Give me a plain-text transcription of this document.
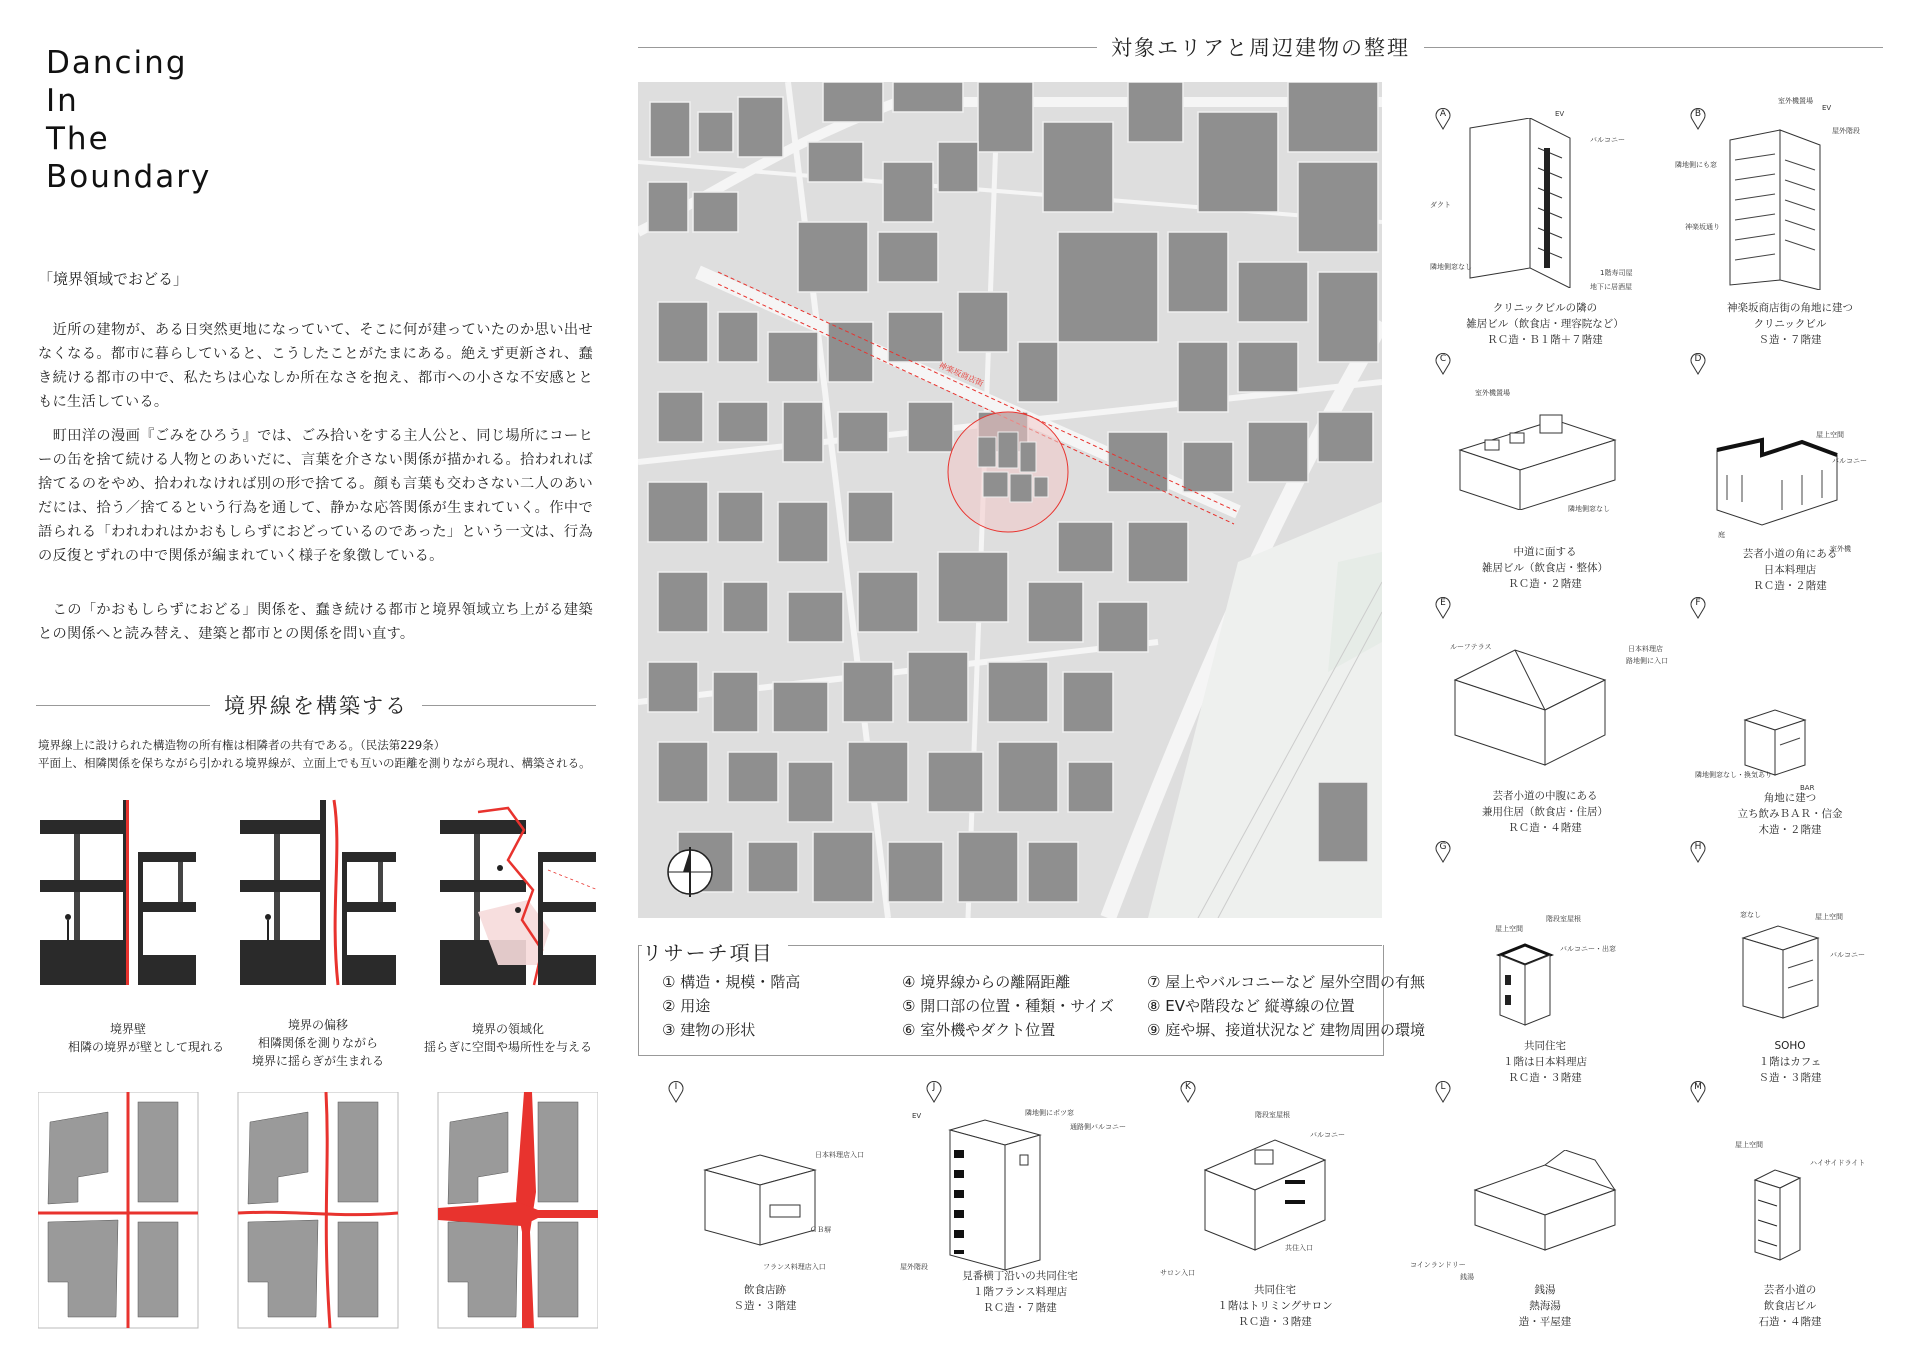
Dancing
In
The
Boundary
「境界領域でおどる」
　近所の建物が、ある日突然更地になっていて、そこに何が建っていたのか思い出せなくなる。都市に暮らしていると、こうしたことがたまにある。絶えず更新され、蠢き続ける都市の中で、私たちは心なしか所在なさを抱え、都市への小さな不安感とともに生活している。
　町田洋の漫画『ごみをひろう』では、ごみ拾いをする主人公と、同じ場所にコーヒーの缶を捨て続ける人物とのあいだに、言葉を介さない関係が描かれる。拾われれば捨てるのをやめ、拾われなければ別の形で捨てる。顔も言葉も交わさない二人のあいだには、拾う／捨てるという行為を通して、静かな応答関係が生まれていく。作中で語られる「われわれはかおもしらずにおどっているのであった」という一文は、行為の反復とずれの中で関係が編まれていく様子を象徴している。
　この「かおもしらずにおどる」関係を、蠢き続ける都市と境界領域立ち上がる建築との関係へと読み替え、建築と都市との関係を問い直す。
境界線を構築する
境界線上に設けられた構造物の所有権は相隣者の共有である。（民法第229条）
平面上、相隣関係を保ちながら引かれる境界線が、立面上でも互いの距離を測りながら現れ、構築される。
境界壁
相隣の境界が壁として現れる
境界の偏移
相隣関係を測りながら
境界に揺らぎが生まれる
境界の領域化
揺らぎに空間や場所性を与える
対象エリアと周辺建物の整理
神楽坂商店街
リサーチ項目
① 構造・規模・階高	④ 境界線からの離隔距離	⑦ 屋上やバルコニーなど 屋外空間の有無
② 用途	⑤ 開口部の位置・種類・サイズ	⑧ EVや階段など 縦導線の位置
③ 建物の形状	⑥ 室外機やダクト位置	⑨ 庭や塀、接道状況など 建物周囲の環境
A	EV
バルコニー
ダクト
隣地側窓なし
1階寿司屋
地下に居酒屋
クリニックビルの隣の
雑居ビル（飲食店・理容院など）
ＲＣ造・Ｂ１階＋７階建
B
室外機置場
EV
屋外階段
隣地側にも窓
神楽坂通り
神楽坂商店街の角地に建つ
クリニックビル
Ｓ造・７階建
C
室外機置場
隣地側窓なし
中道に面する
雑居ビル（飲食店・整体）
ＲＣ造・２階建
D
屋上空間
バルコニー
庭
室外機
芸者小道の角にある
日本料理店
ＲＣ造・２階建
E
ルーフテラス	日本料理店
路地側に入口
芸者小道の中腹にある
兼用住居（飲食店・住居）
ＲＣ造・４階建
F
隣地側窓なし・換気あり
BAR
角地に建つ
立ち飲みＢＡＲ・信金
木造・２階建
G
屋上空間
階段室屋根
バルコニー・出窓
共同住宅
１階は日本料理店
ＲＣ造・３階建
H
窓なし	屋上空間
バルコニー
SOHO
１階はカフェ
Ｓ造・３階建
I
日本料理店入口
ＣＢ塀
フランス料理店入口
飲食店跡
Ｓ造・３階建
J
EV	隣地側にポツ窓
通路側バルコニー
屋外階段
見番横丁沿いの共同住宅
１階フランス料理店
ＲＣ造・７階建
K
階段室屋根
バルコニー
共住入口
サロン入口
共同住宅
１階はトリミングサロン
ＲＣ造・３階建
L
コインランドリー
銭湯
銭湯
熱海湯
造・平屋建
M
屋上空間
ハイサイドライト
芸者小道の
飲食店ビル
石造・４階建
